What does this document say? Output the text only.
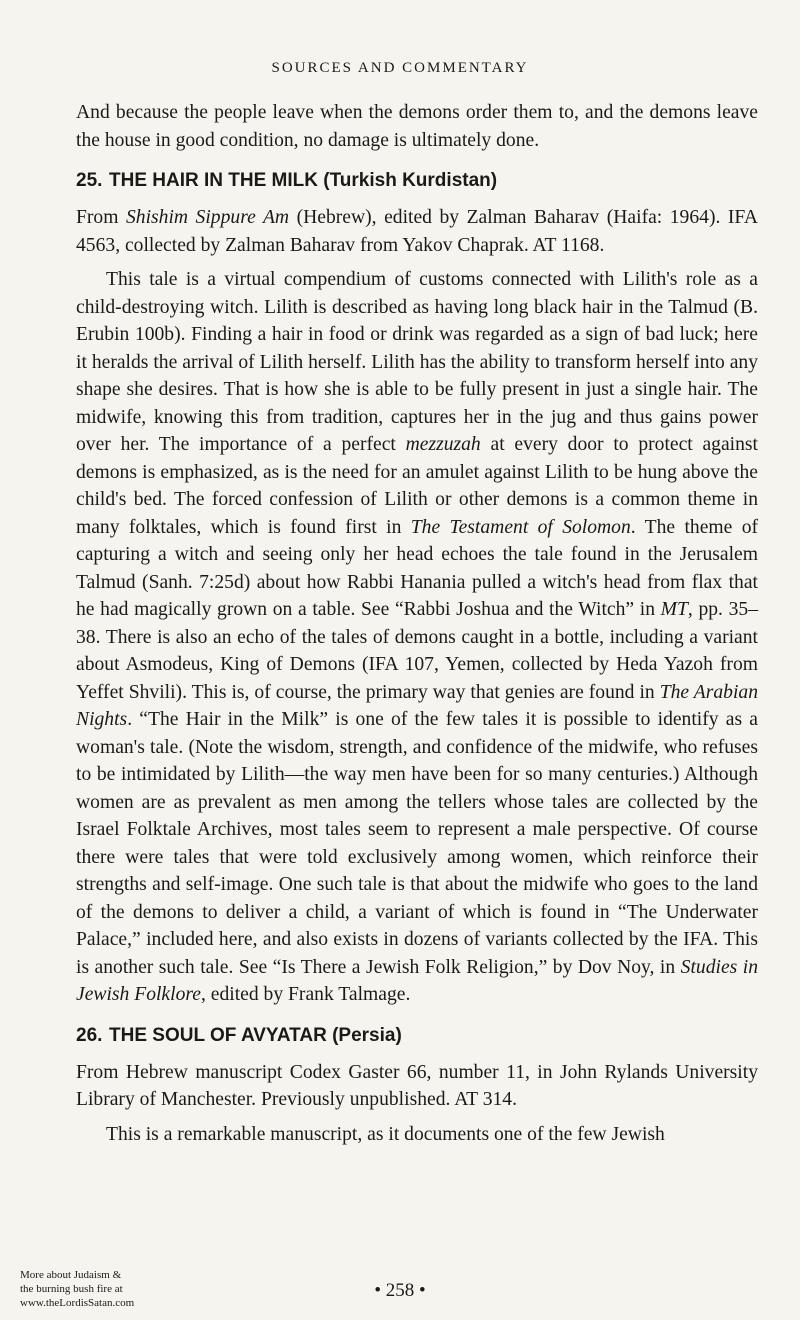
SOURCES AND COMMENTARY

And because the people leave when the demons order them to, and the demons leave the house in good condition, no damage is ultimately done.

25. THE HAIR IN THE MILK (Turkish Kurdistan)

From Shishim Sippure Am (Hebrew), edited by Zalman Baharav (Haifa: 1964). IFA 4563, collected by Zalman Baharav from Yakov Chaprak. AT 1168.

This tale is a virtual compendium of customs connected with Lilith's role as a child-destroying witch. Lilith is described as having long black hair in the Talmud (B. Erubin 100b). Finding a hair in food or drink was regarded as a sign of bad luck; here it heralds the arrival of Lilith herself. Lilith has the ability to transform herself into any shape she desires. That is how she is able to be fully present in just a single hair. The midwife, knowing this from tradition, captures her in the jug and thus gains power over her. The importance of a perfect mezzuzah at every door to protect against demons is emphasized, as is the need for an amulet against Lilith to be hung above the child's bed. The forced confession of Lilith or other demons is a common theme in many folktales, which is found first in The Testament of Solomon. The theme of capturing a witch and seeing only her head echoes the tale found in the Jerusalem Talmud (Sanh. 7:25d) about how Rabbi Hanania pulled a witch's head from flax that he had magically grown on a table. See “Rabbi Joshua and the Witch” in MT, pp. 35–38. There is also an echo of the tales of demons caught in a bottle, including a variant about Asmodeus, King of Demons (IFA 107, Yemen, collected by Heda Yazoh from Yeffet Shvili). This is, of course, the primary way that genies are found in The Arabian Nights. “The Hair in the Milk” is one of the few tales it is possible to identify as a woman's tale. (Note the wisdom, strength, and confidence of the midwife, who refuses to be intimidated by Lilith—the way men have been for so many centuries.) Although women are as prevalent as men among the tellers whose tales are collected by the Israel Folktale Archives, most tales seem to represent a male perspective. Of course there were tales that were told exclusively among women, which reinforce their strengths and self-image. One such tale is that about the midwife who goes to the land of the demons to deliver a child, a variant of which is found in “The Underwater Palace,” included here, and also exists in dozens of variants collected by the IFA. This is another such tale. See “Is There a Jewish Folk Religion,” by Dov Noy, in Studies in Jewish Folklore, edited by Frank Talmage.

26. THE SOUL OF AVYATAR (Persia)

From Hebrew manuscript Codex Gaster 66, number 11, in John Rylands University Library of Manchester. Previously unpublished. AT 314.

This is a remarkable manuscript, as it documents one of the few Jewish

More about Judaism &
the burning bush fire at
www.theLordisSatan.com
• 258 •
